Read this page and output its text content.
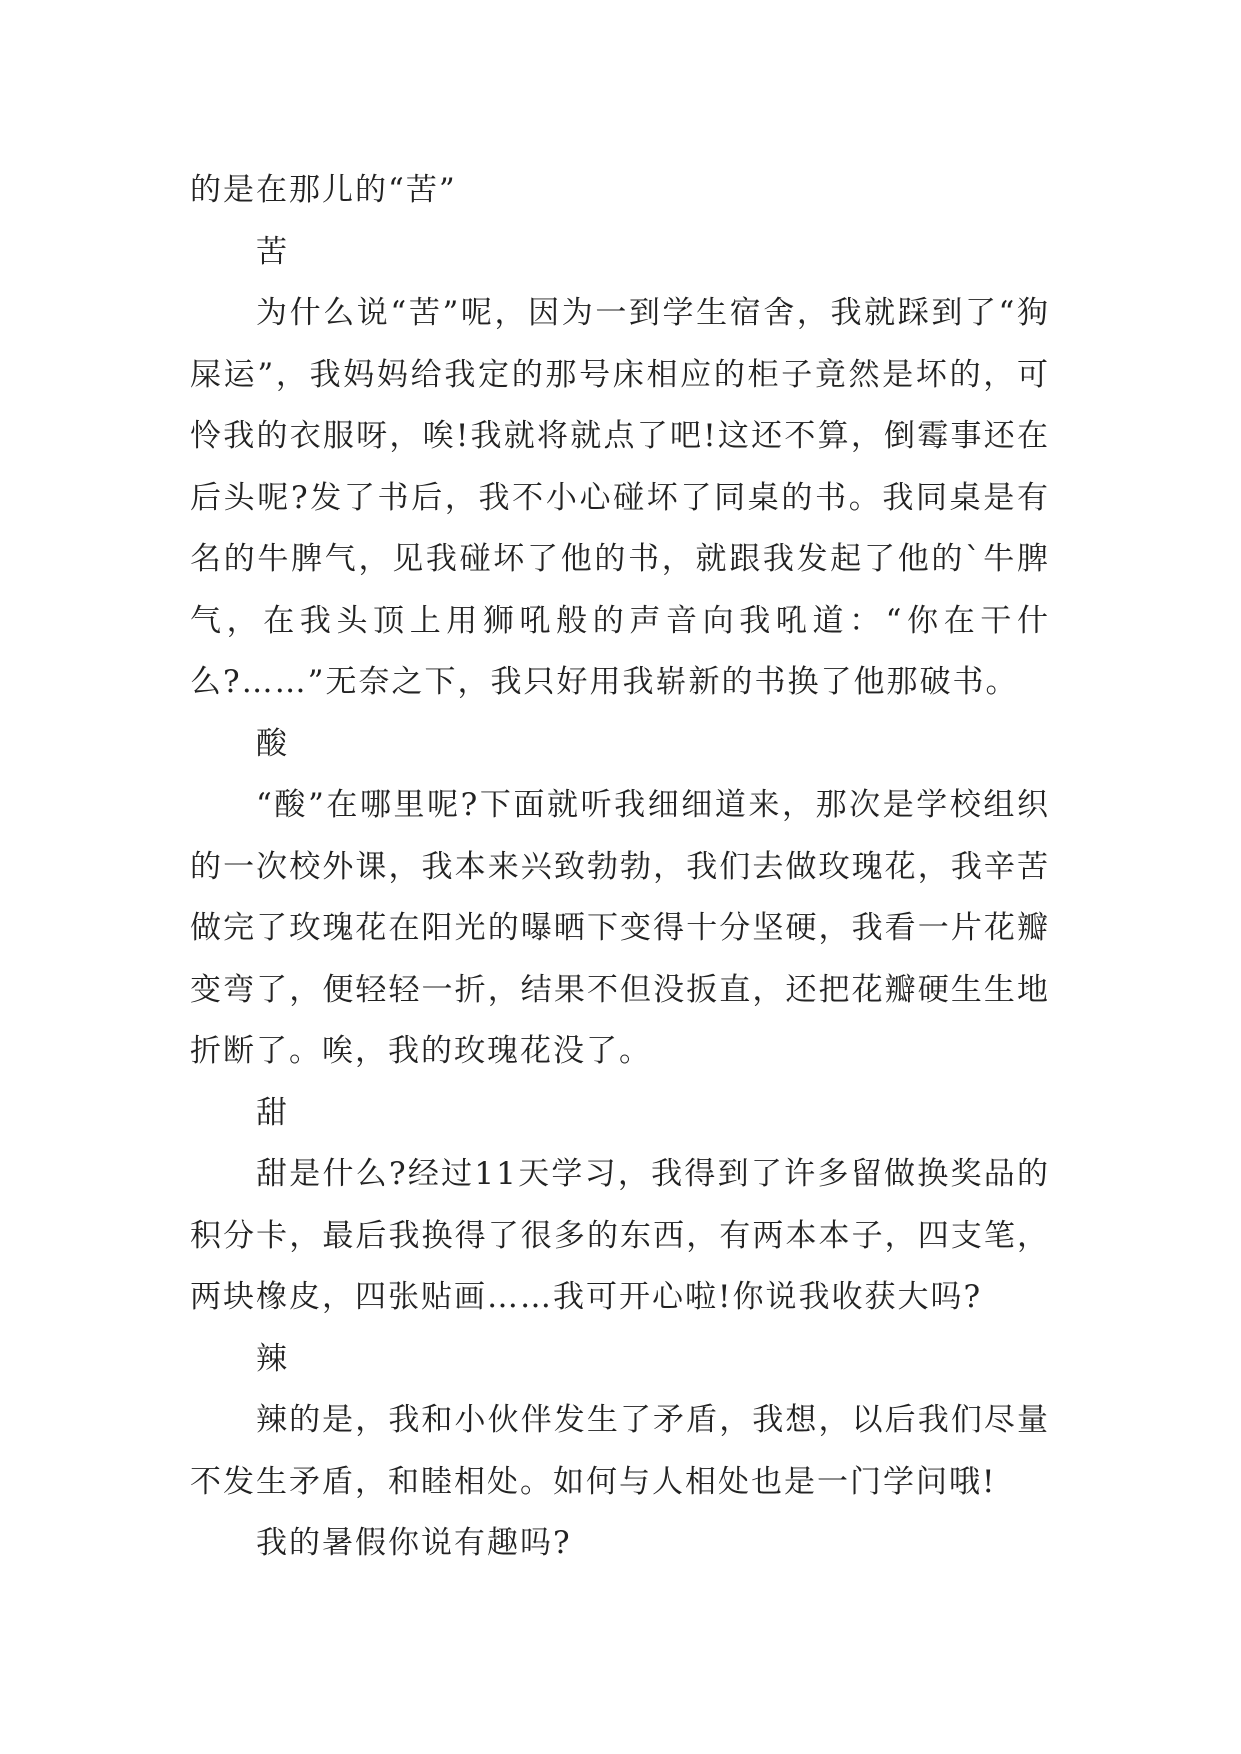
的是在那儿的“苦”

苦

为什么说“苦”呢，因为一到学生宿舍，我就踩到了“狗屎运”，我妈妈给我定的那号床相应的柜子竟然是坏的，可怜我的衣服呀，唉!我就将就点了吧!这还不算，倒霉事还在后头呢?发了书后，我不小心碰坏了同桌的书。我同桌是有名的牛脾气，见我碰坏了他的书，就跟我发起了他的`牛脾气，在我头顶上用狮吼般的声音向我吼道：“你在干什么?……”无奈之下，我只好用我崭新的书换了他那破书。

酸

“酸”在哪里呢?下面就听我细细道来，那次是学校组织的一次校外课，我本来兴致勃勃，我们去做玫瑰花，我辛苦做完了玫瑰花在阳光的曝晒下变得十分坚硬，我看一片花瓣变弯了，便轻轻一折，结果不但没扳直，还把花瓣硬生生地折断了。唉，我的玫瑰花没了。

甜

甜是什么?经过11天学习，我得到了许多留做换奖品的积分卡，最后我换得了很多的东西，有两本本子，四支笔，两块橡皮，四张贴画……我可开心啦!你说我收获大吗?

辣

辣的是，我和小伙伴发生了矛盾，我想，以后我们尽量不发生矛盾，和睦相处。如何与人相处也是一门学问哦!

我的暑假你说有趣吗?
